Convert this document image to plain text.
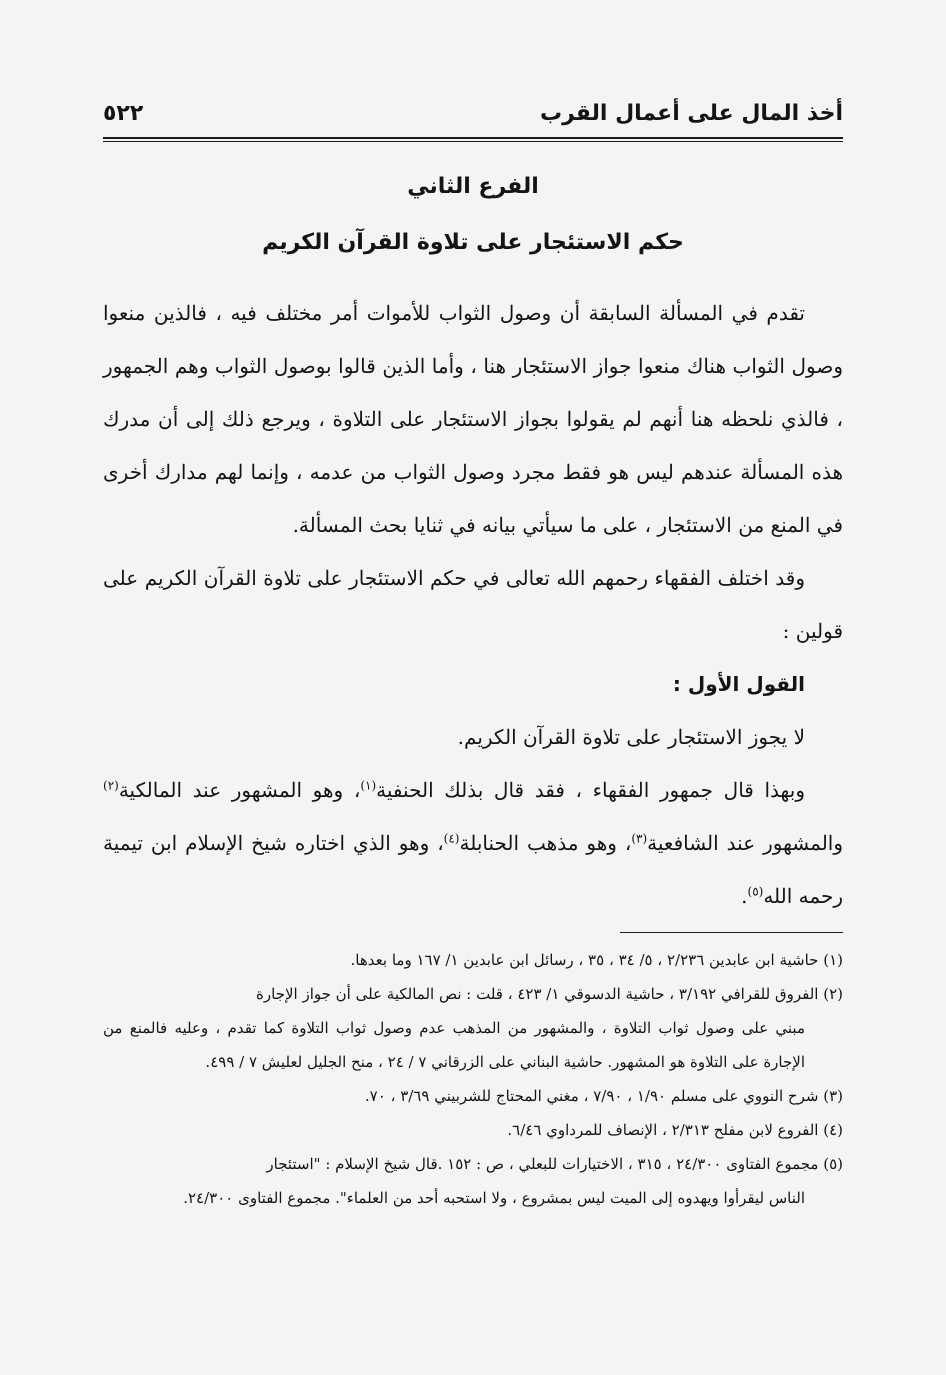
أخذ المال على أعمال القرب
٥٢٢
الفرع الثاني
حكم الاستئجار على تلاوة القرآن الكريم

تقدم في المسألة السابقة أن وصول الثواب للأموات أمر مختلف فيه ، فالذين منعوا وصول الثواب هناك منعوا جواز الاستئجار هنا ، وأما الذين قالوا بوصول الثواب وهم الجمهور ، فالذي نلحظه هنا أنهم لم يقولوا بجواز الاستئجار على التلاوة ، ويرجع ذلك إلى أن مدرك هذه المسألة عندهم ليس هو فقط مجرد وصول الثواب من عدمه ، وإنما لهم مدارك أخرى في المنع من الاستئجار ، على ما سيأتي بيانه في ثنايا بحث المسألة.

وقد اختلف الفقهاء رحمهم الله تعالى في حكم الاستئجار على تلاوة القرآن الكريم على قولين :

القول الأول :

لا يجوز الاستئجار على تلاوة القرآن الكريم.

وبهذا قال جمهور الفقهاء ، فقد قال بذلك الحنفية$^{(١)}$، وهو المشهور عند المالكية$^{(٢)}$ والمشهور عند الشافعية$^{(٣)}$، وهو مذهب الحنابلة$^{(٤)}$، وهو الذي اختاره شيخ الإسلام ابن تيمية رحمه الله$^{(٥)}$.

(١) حاشية ابن عابدين ٢/٢٣٦ ، ٥/ ٣٤ ، ٣٥ ، رسائل ابن عابدين ١/ ١٦٧ وما بعدها.

(٢) الفروق للقرافي ٣/١٩٢ ، حاشية الدسوقي ١/ ٤٢٣ ، قلت : نص المالكية على أن جواز الإجارة

مبني على وصول ثواب التلاوة ، والمشهور من المذهب عدم وصول ثواب التلاوة كما تقدم ، وعليه فالمنع من الإجارة على التلاوة هو المشهور. حاشية البناني على الزرقاني ٧ / ٢٤ ، منح الجليل لعليش ٧ / ٤٩٩.

(٣) شرح النووي على مسلم ١/٩٠ ، ٧/٩٠ ، مغني المحتاج للشربيني ٣/٦٩ ، ٧٠.

(٤) الفروع لابن مفلح ٢/٣١٣ ، الإنصاف للمرداوي ٦/٤٦.

(٥) مجموع الفتاوى ٢٤/٣٠٠ ، ٣١٥ ، الاختيارات للبعلي ، ص : ١٥٢ .قال شيخ الإسلام : "استئجار

الناس ليقرأوا ويهدوه إلى الميت ليس بمشروع ، ولا استحبه أحد من العلماء". مجموع الفتاوى ٢٤/٣٠٠.
